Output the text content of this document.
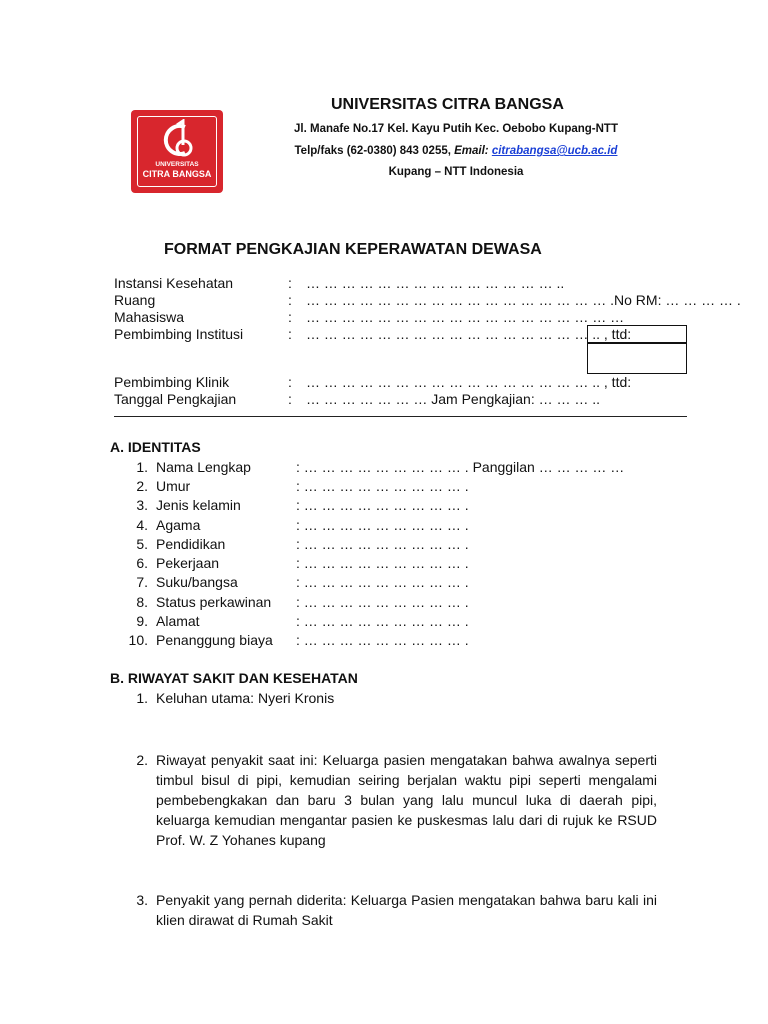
UNIVERSITAS
CITRA BANGSA
UNIVERSITAS CITRA BANGSA
Jl. Manafe No.17 Kel. Kayu Putih Kec. Oebobo Kupang-NTT
Telp/faks (62-0380) 843 0255, Email: citrabangsa@ucb.ac.id
Kupang – NTT Indonesia
FORMAT PENGKAJIAN KEPERAWATAN DEWASA
Instansi Kesehatan	: … … … … … … … … … … … … … … ..
Ruang	: … … … … … … … … … … … … … … … … … .No RM: … … … … .
Mahasiswa	: … … … … … … … … … … … … … … … … … …
Pembimbing Institusi	: … … … … … … … … … … … … … … … … .. , ttd:
Pembimbing Klinik	: … … … … … … … … … … … … … … … … .. , ttd:
Tanggal Pengkajian	: … … … … … … … Jam Pengkajian: … … … ..
A. IDENTITAS
1. Nama Lengkap	: … … … … … … … … … . Panggilan … … … … …
2. Umur	: … … … … … … … … … .
3. Jenis kelamin	: … … … … … … … … … .
4. Agama	: … … … … … … … … … .
5. Pendidikan	: … … … … … … … … … .
6. Pekerjaan	: … … … … … … … … … .
7. Suku/bangsa	: … … … … … … … … … .
8. Status perkawinan : … … … … … … … … … .
9. Alamat	: … … … … … … … … … .
10. Penanggung biaya : … … … … … … … … … .
B. RIWAYAT SAKIT DAN KESEHATAN
1. Keluhan utama: Nyeri Kronis
2. Riwayat penyakit saat ini: Keluarga pasien mengatakan bahwa awalnya seperti timbul bisul di pipi, kemudian seiring berjalan waktu pipi seperti mengalami pembebengkakan dan baru 3 bulan yang lalu muncul luka di daerah pipi, keluarga kemudian mengantar pasien ke puskesmas lalu dari di rujuk ke RSUD Prof. W. Z Yohanes kupang
3. Penyakit yang pernah diderita: Keluarga Pasien mengatakan bahwa baru kali ini klien dirawat di Rumah Sakit
